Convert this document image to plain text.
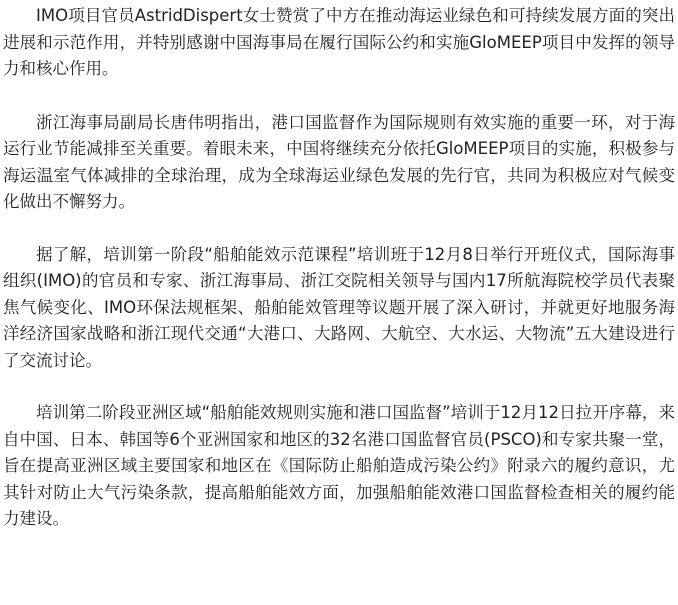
IMO项目官员AstridDispert女士赞赏了中方在推动海运业绿色和可持续发展方面的突出进展和示范作用，并特别感谢中国海事局在履行国际公约和实施GloMEEP项目中发挥的领导力和核心作用。

浙江海事局副局长唐伟明指出，港口国监督作为国际规则有效实施的重要一环，对于海运行业节能减排至关重要。着眼未来，中国将继续充分依托GloMEEP项目的实施，积极参与海运温室气体减排的全球治理，成为全球海运业绿色发展的先行官，共同为积极应对气候变化做出不懈努力。

据了解，培训第一阶段“船舶能效示范课程”培训班于12月8日举行开班仪式，国际海事组织(IMO)的官员和专家、浙江海事局、浙江交院相关领导与国内17所航海院校学员代表聚焦气候变化、IMO环保法规框架、船舶能效管理等议题开展了深入研讨，并就更好地服务海洋经济国家战略和浙江现代交通“大港口、大路网、大航空、大水运、大物流”五大建设进行了交流讨论。

培训第二阶段亚洲区域“船舶能效规则实施和港口国监督”培训于12月12日拉开序幕，来自中国、日本、韩国等6个亚洲国家和地区的32名港口国监督官员(PSCO)和专家共聚一堂，旨在提高亚洲区域主要国家和地区在《国际防止船舶造成污染公约》附录六的履约意识，尤其针对防止大气污染条款，提高船舶能效方面，加强船舶能效港口国监督检查相关的履约能力建设。
